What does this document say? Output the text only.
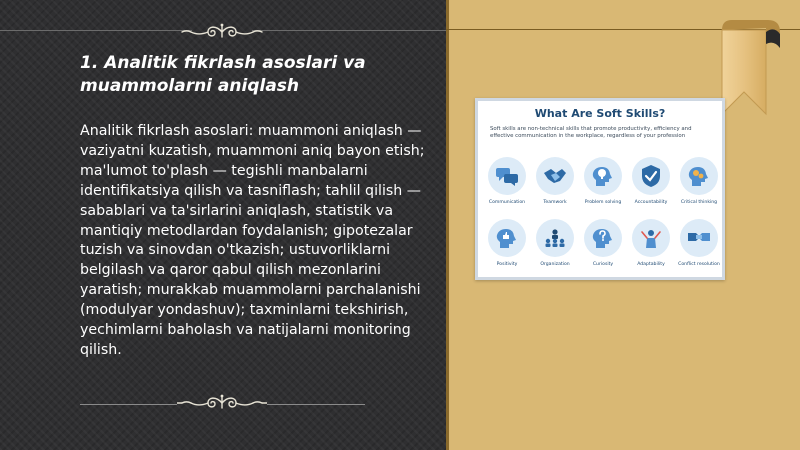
1. Analitik fikrlash asoslari va muammolarni aniqlash

Analitik fikrlash asoslari: muammoni aniqlash — vaziyatni kuzatish, muammoni aniq bayon etish; ma'lumot to'plash — tegishli manbalarni identifikatsiya qilish va tasniflash; tahlil qilish — sabablari va ta'sirlarini aniqlash, statistik va mantiqiy metodlardan foydalanish; gipotezalar tuzish va sinovdan o'tkazish; ustuvorliklarni belgilash va qaror qabul qilish mezonlarini yaratish; murakkab muammolarni parchalanishi (modulyar yondashuv); taxminlarni tekshirish, yechimlarni baholash va natijalarni monitoring qilish.

What Are Soft Skills?
Soft skills are non-technical skills that promote productivity, efficiency and effective communication in the workplace, regardless of your profession
Communication	Teamwork	Problem solving	Accountability	Critical thinking
Positivity	Organization	Curiosity	Adaptability	Conflict resolution
